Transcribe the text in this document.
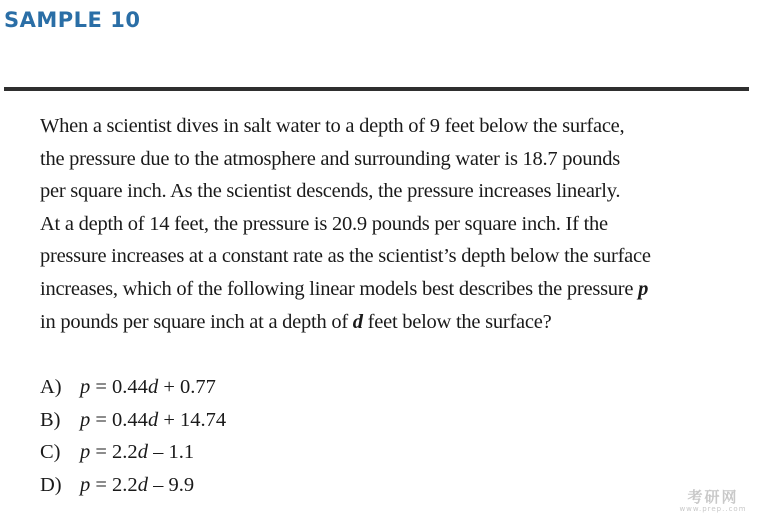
SAMPLE 10
When a scientist dives in salt water to a depth of 9 feet below the surface,
the pressure due to the atmosphere and surrounding water is 18.7 pounds
per square inch. As the scientist descends, the pressure increases linearly.
At a depth of 14 feet, the pressure is 20.9 pounds per square inch. If the
pressure increases at a constant rate as the scientist’s depth below the surface
increases, which of the following linear models best describes the pressure p
in pounds per square inch at a depth of d feet below the surface?
A) p = 0.44d + 0.77
B) p = 0.44d + 14.74
C) p = 2.2d – 1.1
D) p = 2.2d – 9.9
考研网
www.prep..com
